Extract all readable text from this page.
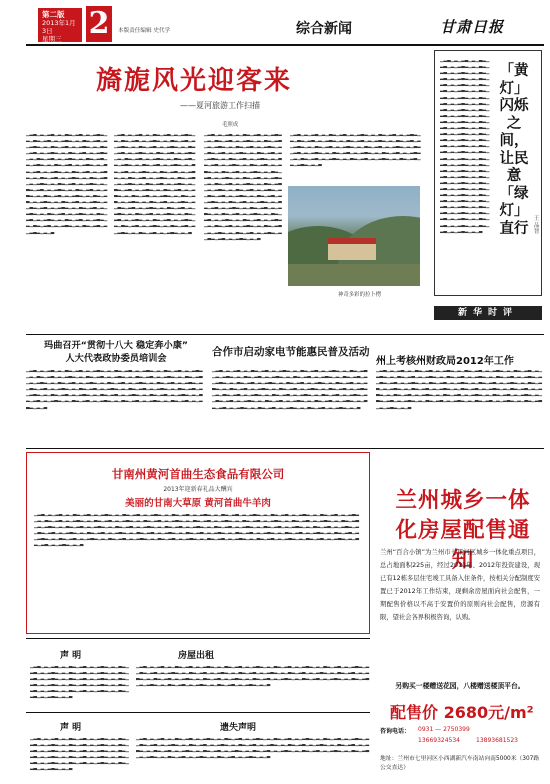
第二版
2013年1月3日
星期三 2	本版责任编辑 史代学	综合新闻	甘肃日报
旖旎风光迎客来
——夏河旅游工作扫描
毛照成
▁▂▃▁▂▁▂▃▁▂▁▃▂▁▂▃▁▂▁▂▃▂▁▂▁▃▂▁▂▃▁▂▁▂▃▂▁▂▁▃▂▁▂▃▁▂▁▂▃▂▁▂▁▃▂▁▂▃▁▂▁▂▃▂▁▂▁▃▂▁▂▃▁▂▁▂▃▂▁▂▁▃▂▁▂▃▁▂▁▂▃▂▁▂▁▃▂▁▂▃▁▂▁▂▃▂▁▂▁▃▂▁▂▃▁▂▁▂▃▂▁▂▁▃▂▁▂▃▁▂▁▂▃▂▁▂▁▃▂▁▂▃▁▂▁▂▃▂▁▂▁▃▂▁▂▃▁▂▁▂▃▂▁▂▁▃▂▁▂▃▁▂▁▂▃▂▁▂▁▃▂▁▂▃▁▂▁▂▃▂▁▂▁▃▂▁▂▃▁▂▁▂▃▂▁▂▁▃▂▁▂▃▁▂▁▂▃▂▁▂▁▃▂▁▂▃▁▂▁▂▃▂▁▂▁▃▂▁▂▃▁▂▁▂▃▂▁▂▁▃▂▁▂▃▁▂▁▂▃▂▁▂▁▃▂▁▂▃▁▂▁▂▃▂▁▂▁▃▂▁▂▃▁▂▁▂▃▂▁▂▁▃▂▁▂▃▁▂▁▂▃▂▁▂▁▃▂▁▂▃▁▂▁▂▃▂▁▂▁▃▂▁▂▃▁▂▁▂▃▂▁▂▁▃▂▁▂▃▁▂▁▂▃▂▁▂▁▃▂▁▂▃▁▂▁▂▃▂▁▂▁▃▂▁▂▃▁▂▁▂▃▂▁▂▁▃
▁▂▃▁▂▁▂▃▁▂▁▃▂▁▂▃▁▂▁▂▃▂▁▂▁▃▂▁▂▃▁▂▁▂▃▂▁▂▁▃▂▁▂▃▁▂▁▂▃▂▁▂▁▃▂▁▂▃▁▂▁▂▃▂▁▂▁▃▂▁▂▃▁▂▁▂▃▂▁▂▁▃▂▁▂▃▁▂▁▂▃▂▁▂▁▃▂▁▂▃▁▂▁▂▃▂▁▂▁▃▂▁▂▃▁▂▁▂▃▂▁▂▁▃▂▁▂▃▁▂▁▂▃▂▁▂▁▃▂▁▂▃▁▂▁▂▃▂▁▂▁▃▂▁▂▃▁▂▁▂▃▂▁▂▁▃▂▁▂▃▁▂▁▂▃▂▁▂▁▃▂▁▂▃▁▂▁▂▃▂▁▂▁▃▂▁▂▃▁▂▁▂▃▂▁▂▁▃▂▁▂▃▁▂▁▂▃▂▁▂▁▃▂▁▂▃▁▂▁▂▃▂▁▂▁▃▂▁▂▃▁▂▁▂▃▂▁▂▁▃▂▁▂▃▁▂▁▂▃▂▁▂▁▃▂▁▂▃▁▂▁▂▃▂▁▂▁▃▂▁▂▃▁▂▁▂▃▂▁▂▁▃▂▁▂▃▁▂▁▂▃▂▁▂▁▃▂▁▂▃▁▂▁▂▃▂▁▂▁▃▂▁▂▃▁▂▁▂▃▂▁▂▁▃▂▁▂▃▁▂▁▂▃▂▁▂▁▃▂▁▂▃▁▂▁▂▃▂▁▂▁▃▂▁▂▃▁▂▁▂▃▂▁▂▁▃▂▁▂▃▁▂▁▂▃▂▁▂▁▃
▁▂▃▁▂▁▂▃▁▂▁▃▂▁▂▃▁▂▁▂▃▂▁▂▁▃▂▁▂▃▁▂▁▂▃▂▁▂▁▃▂▁▂▃▁▂▁▂▃▂▁▂▁▃▂▁▂▃▁▂▁▂▃▂▁▂▁▃▂▁▂▃▁▂▁▂▃▂▁▂▁▃▂▁▂▃▁▂▁▂▃▂▁▂▁▃▂▁▂▃▁▂▁▂▃▂▁▂▁▃▂▁▂▃▁▂▁▂▃▂▁▂▁▃▂▁▂▃▁▂▁▂▃▂▁▂▁▃▂▁▂▃▁▂▁▂▃▂▁▂▁▃▂▁▂▃▁▂▁▂▃▂▁▂▁▃▂▁▂▃▁▂▁▂▃▂▁▂▁▃▂▁▂▃▁▂▁▂▃▂▁▂▁▃▂▁▂▃▁▂▁▂▃▂▁▂▁▃▂▁▂▃▁▂▁▂▃▂▁▂▁▃▂▁▂▃▁▂▁▂▃▂▁▂▁▃▂▁▂▃▁▂▁▂▃▂▁▂▁▃▂▁▂▃▁▂▁▂▃▂▁▂▁▃▂▁▂▃▁▂▁▂▃▂▁▂▁▃▂▁▂▃▁▂▁▂▃▂▁▂▁▃▂▁▂▃▁▂▁▂▃▂▁▂▁▃▂▁▂▃▁▂▁▂▃▂▁▂▁▃▂▁▂▃▁▂▁▂▃▂▁▂▁▃▂▁▂▃▁▂▁▂▃▂▁▂▁▃▂▁▂▃▁▂▁▂▃▂▁▂▁▃▂▁▂▃▁▂▁▂▃▂▁▂▁▃▂▁▂▃▁▂▁▂▃▂▁▂▁▃
▁▂▃▁▂▁▂▃▁▂▁▃▂▁▂▃▁▂▁▂▃▂▁▂▁▃▂▁▂▃▁▂▁▂▃▂▁▂▁▃▂▁▂▃▁▂▁▂▃▂▁▂▁▃▂▁▂▃▁▂▁▂▃▂▁▂▁▃▂▁▂▃▁▂▁▂▃▂▁▂▁▃▂▁▂▃▁▂▁▂▃▂▁▂▁▃▂▁▂▃▁▂▁▂▃▂▁▂▁▃▂▁▂▃▁▂▁▂▃▂▁▂▁▃▂▁▂▃▁▂▁▂▃▂▁▂▁▃▂▁▂▃▁▂▁▂▃▂▁▂▁▃▂▁▂▃▁▂▁▂▃▂▁▂▁▃▂▁▂▃▁▂▁▂▃▂▁▂▁▃▂▁▂▃▁▂▁▂▃▂▁▂▁▃
神奇多彩的拉卜楞
▁▂▃▁▂▁▂▃▁▂▁▃▂▁▂▃▁▂▁▂▃▂▁▂▁▃▂▁▂▃▁▂▁▂▃▂▁▂▁▃▂▁▂▃▁▂▁▂▃▂▁▂▁▃▂▁▂▃▁▂▁▂▃▂▁▂▁▃▂▁▂▃▁▂▁▂▃▂▁▂▁▃▂▁▂▃▁▂▁▂▃▂▁▂▁▃▂▁▂▃▁▂▁▂▃▂▁▂▁▃▂▁▂▃▁▂▁▂▃▂▁▂▁▃▂▁▂▃▁▂▁▂▃▂▁▂▁▃▂▁▂▃▁▂▁▂▃▂▁▂▁▃▂▁▂▃▁▂▁▂▃▂▁▂▁▃▂▁▂▃▁▂▁▂▃▂▁▂▁▃▂▁▂▃▁▂▁▂▃▂▁▂▁▃▂▁▂▃▁▂▁▂▃▂▁▂▁▃▂▁▂▃▁▂▁▂▃▂▁▂▁▃▂▁▂▃▁▂▁▂▃▂▁▂▁▃▂▁▂▃▁▂▁▂▃▂▁▂▁▃▂▁▂▃▁▂▁▂▃▂▁▂▁▃▂▁▂▃▁▂▁▂▃▂▁▂▁▃▂▁▂▃▁▂▁▂▃▂▁▂▁▃▂▁▂▃▁▂▁▂▃▂▁▂▁▃▂▁▂▃▁▂▁▂▃▂▁▂▁▃▂▁▂▃▁▂▁▂▃▂▁▂▁▃▂▁▂▃▁▂▁▂▃▂▁▂▁▃▂▁▂▃▁▂▁▂▃▂▁▂▁▃▂▁▂▃▁▂▁▂▃▂▁▂▁▃▂▁▂▃▁▂▁▂▃▂▁▂▁▃▂▁▂▃▁▂▁▂▃▂▁▂▁▃
「黄灯」闪烁之间，让民意「绿灯」直行
王品智
新华时评
玛曲召开“贯彻十八大 稳定奔小康”
人大代表政协委员培训会
▁▂▃▁▂▁▂▃▁▂▁▃▂▁▂▃▁▂▁▂▃▂▁▂▁▃▂▁▂▃▁▂▁▂▃▂▁▂▁▃▂▁▂▃▁▂▁▂▃▂▁▂▁▃▂▁▂▃▁▂▁▂▃▂▁▂▁▃▂▁▂▃▁▂▁▂▃▂▁▂▁▃▂▁▂▃▁▂▁▂▃▂▁▂▁▃▂▁▂▃▁▂▁▂▃▂▁▂▁▃▂▁▂▃▁▂▁▂▃▂▁▂▁▃▂▁▂▃▁▂▁▂▃▂▁▂▁▃▂▁▂▃▁▂▁▂▃▂▁▂▁▃▂▁▂▃▁▂▁▂▃▂▁▂▁▃▂▁▂▃▁▂▁▂▃▂▁▂▁▃▂▁▂▃▁▂▁▂▃▂▁▂▁▃▂▁▂▃▁▂▁▂▃▂▁▂▁▃▂▁▂▃▁▂▁▂▃▂▁▂▁▃▂▁▂▃▁▂▁▂▃▂▁▂▁▃▂▁▂▃▁▂▁▂▃▂▁▂▁▃▂▁▂▃▁▂▁▂▃▂▁▂▁▃▂▁▂▃▁▂▁▂▃▂▁▂▁▃▂▁▂▃▁▂▁▂▃▂▁▂▁▃▂▁▂▃▁▂▁▂▃▂▁▂▁▃
合作市启动家电节能惠民普及活动
▁▂▃▁▂▁▂▃▁▂▁▃▂▁▂▃▁▂▁▂▃▂▁▂▁▃▂▁▂▃▁▂▁▂▃▂▁▂▁▃▂▁▂▃▁▂▁▂▃▂▁▂▁▃▂▁▂▃▁▂▁▂▃▂▁▂▁▃▂▁▂▃▁▂▁▂▃▂▁▂▁▃▂▁▂▃▁▂▁▂▃▂▁▂▁▃▂▁▂▃▁▂▁▂▃▂▁▂▁▃▂▁▂▃▁▂▁▂▃▂▁▂▁▃▂▁▂▃▁▂▁▂▃▂▁▂▁▃▂▁▂▃▁▂▁▂▃▂▁▂▁▃▂▁▂▃▁▂▁▂▃▂▁▂▁▃▂▁▂▃▁▂▁▂▃▂▁▂▁▃▂▁▂▃▁▂▁▂▃▂▁▂▁▃▂▁▂▃▁▂▁▂▃▂▁▂▁▃▂▁▂▃▁▂▁▂▃▂▁▂▁▃▂▁▂▃▁▂▁▂▃▂▁▂▁▃▂▁▂▃▁▂▁▂▃▂▁▂▁▃▂▁▂▃▁▂▁▂▃▂▁▂▁▃▂▁▂▃▁▂▁▂▃▂▁▂▁▃▂▁▂▃▁▂▁▂▃▂▁▂▁▃▂▁▂▃▁▂▁▂▃▂▁▂▁▃
州上考核州财政局2012年工作
▁▂▃▁▂▁▂▃▁▂▁▃▂▁▂▃▁▂▁▂▃▂▁▂▁▃▂▁▂▃▁▂▁▂▃▂▁▂▁▃▂▁▂▃▁▂▁▂▃▂▁▂▁▃▂▁▂▃▁▂▁▂▃▂▁▂▁▃▂▁▂▃▁▂▁▂▃▂▁▂▁▃▂▁▂▃▁▂▁▂▃▂▁▂▁▃▂▁▂▃▁▂▁▂▃▂▁▂▁▃▂▁▂▃▁▂▁▂▃▂▁▂▁▃▂▁▂▃▁▂▁▂▃▂▁▂▁▃▂▁▂▃▁▂▁▂▃▂▁▂▁▃▂▁▂▃▁▂▁▂▃▂▁▂▁▃▂▁▂▃▁▂▁▂▃▂▁▂▁▃▂▁▂▃▁▂▁▂▃▂▁▂▁▃▂▁▂▃▁▂▁▂▃▂▁▂▁▃▂▁▂▃▁▂▁▂▃▂▁▂▁▃▂▁▂▃▁▂▁▂▃▂▁▂▁▃▂▁▂▃▁▂▁▂▃▂▁▂▁▃▂▁▂▃▁▂▁▂▃▂▁▂▁▃▂▁▂▃▁▂▁▂▃▂▁▂▁▃▂▁▂▃▁▂▁▂▃▂▁▂▁▃
甘南州黄河首曲生态食品有限公司
2013年迎新春礼品大酬宾
美丽的甘南大草原 黄河首曲牛羊肉
▁▂▃▁▂▁▂▃▁▂▁▃▂▁▂▃▁▂▁▂▃▂▁▂▁▃▂▁▂▃▁▂▁▂▃▂▁▂▁▃▂▁▂▃▁▂▁▂▃▂▁▂▁▃▂▁▂▃▁▂▁▂▃▂▁▂▁▃▂▁▂▃▁▂▁▂▃▂▁▂▁▃▂▁▂▃▁▂▁▂▃▂▁▂▁▃▂▁▂▃▁▂▁▂▃▂▁▂▁▃▂▁▂▃▁▂▁▂▃▂▁▂▁▃▂▁▂▃▁▂▁▂▃▂▁▂▁▃▂▁▂▃▁▂▁▂▃▂▁▂▁▃▂▁▂▃▁▂▁▂▃▂▁▂▁▃▂▁▂▃▁▂▁▂▃▂▁▂▁▃▂▁▂▃▁▂▁▂▃▂▁▂▁▃▂▁▂▃▁▂▁▂▃▂▁▂▁▃▂▁▂▃▁▂▁▂▃▂▁▂▁▃▂▁▂▃▁▂▁▂▃▂▁▂▁▃▂▁▂▃▁▂▁▂▃▂▁▂▁▃▂▁▂▃▁▂▁▂▃▂▁▂▁▃▂▁▂▃▁▂▁▂▃▂▁▂▁▃▂▁▂▃▁▂▁▂▃▂▁▂▁▃▂▁▂▃▁▂▁▂▃▂▁▂▁▃▂▁▂▃▁▂▁▂▃▂▁▂▁▃▂▁▂▃▁▂▁▂▃▂▁▂▁▃▂▁▂▃▁▂▁▂▃▂▁▂▁▃▂▁▂▃▁▂▁▂▃▂▁▂▁▃▂▁▂▃▁▂▁▂▃▂▁▂▁▃▂▁▂▃▁▂▁▂▃▂▁▂▁▃▂▁▂▃▁▂▁▂▃▂▁▂▁▃▂▁▂▃▁▂▁▂▃▂▁▂▁▃▂▁▂▃▁▂▁▂▃▂▁▂▁▃▂▁▂▃▁▂▁▂▃▂▁▂▁▃▂▁▂▃▁▂▁▂▃▂▁▂▁▃▂▁▂▃▁▂▁▂▃▂▁▂▁▃
兰州城乡一体化房屋配售通知
兰州“百合小镇”为兰州市七里河区城乡一体化重点项目，总占地面积225亩，经过2011年、2012年投资建设，现已有12栋多层住宅竣工具备入住条件，按相关分配制度安置已于2012年工作结束，现剩余房屋面向社会配售，一期配售价格以不高于安置价的原则向社会配售，房源有限，望社会各界积极咨询，认购。
另购买一楼赠送花园，八楼赠送楼顶平台。
配售价 2680元/m²
咨询电话： 0931 — 2750399
13669324534	13893681523
地址：兰州市七里河区小西湖新汽车南站向南5000米（307路公交直达）
声 明
▁▂▃▁▂▁▂▃▁▂▁▃▂▁▂▃▁▂▁▂▃▂▁▂▁▃▂▁▂▃▁▂▁▂▃▂▁▂▁▃▂▁▂▃▁▂▁▂▃▂▁▂▁▃▂▁▂▃▁▂▁▂▃▂▁▂▁▃▂▁▂▃▁▂▁▂▃▂▁▂▁▃▂▁▂▃▁▂▁▂▃▂▁▂▁▃▂▁▂▃▁▂▁▂▃▂▁▂▁▃▂▁▂▃▁▂▁▂▃▂▁▂▁▃▂▁▂▃▁▂▁▂▃▂▁▂▁▃▂▁▂▃▁▂▁▂▃▂▁▂▁▃
房屋出租
▁▂▃▁▂▁▂▃▁▂▁▃▂▁▂▃▁▂▁▂▃▂▁▂▁▃▂▁▂▃▁▂▁▂▃▂▁▂▁▃▂▁▂▃▁▂▁▂▃▂▁▂▁▃▂▁▂▃▁▂▁▂▃▂▁▂▁▃▂▁▂▃▁▂▁▂▃▂▁▂▁▃▂▁▂▃▁▂▁▂▃▂▁▂▁▃▂▁▂▃▁▂▁▂▃▂▁▂▁▃▂▁▂▃▁▂▁▂▃▂▁▂▁▃▂▁▂▃▁▂▁▂▃▂▁▂▁▃▂▁▂▃▁▂▁▂▃▂▁▂▁▃▂▁▂▃▁▂▁▂▃▂▁▂▁▃▂▁▂▃▁▂▁▂▃▂▁▂▁▃▂▁▂▃▁▂▁▂▃▂▁▂▁▃▂▁▂▃▁▂▁▂▃▂▁▂▁▃▂▁▂▃▁▂▁▂▃▂▁▂▁▃▂▁▂▃▁▂▁▂▃▂▁▂▁▃
声 明
▁▂▃▁▂▁▂▃▁▂▁▃▂▁▂▃▁▂▁▂▃▂▁▂▁▃▂▁▂▃▁▂▁▂▃▂▁▂▁▃▂▁▂▃▁▂▁▂▃▂▁▂▁▃▂▁▂▃▁▂▁▂▃▂▁▂▁▃▂▁▂▃▁▂▁▂▃▂▁▂▁▃▂▁▂▃▁▂▁▂▃▂▁▂▁▃▂▁▂▃▁▂▁▂▃▂▁▂▁▃▂▁▂▃▁▂▁▂▃▂▁▂▁▃▂▁▂▃▁▂▁▂▃▂▁▂▁▃▂▁▂▃▁▂▁▂▃▂▁▂▁▃
遗失声明
▁▂▃▁▂▁▂▃▁▂▁▃▂▁▂▃▁▂▁▂▃▂▁▂▁▃▂▁▂▃▁▂▁▂▃▂▁▂▁▃▂▁▂▃▁▂▁▂▃▂▁▂▁▃▂▁▂▃▁▂▁▂▃▂▁▂▁▃▂▁▂▃▁▂▁▂▃▂▁▂▁▃▂▁▂▃▁▂▁▂▃▂▁▂▁▃▂▁▂▃▁▂▁▂▃▂▁▂▁▃▂▁▂▃▁▂▁▂▃▂▁▂▁▃▂▁▂▃▁▂▁▂▃▂▁▂▁▃▂▁▂▃▁▂▁▂▃▂▁▂▁▃▂▁▂▃▁▂▁▂▃▂▁▂▁▃▂▁▂▃▁▂▁▂▃▂▁▂▁▃▂▁▂▃▁▂▁▂▃▂▁▂▁▃▂▁▂▃▁▂▁▂▃▂▁▂▁▃▂▁▂▃▁▂▁▂▃▂▁▂▁▃▂▁▂▃▁▂▁▂▃▂▁▂▁▃
